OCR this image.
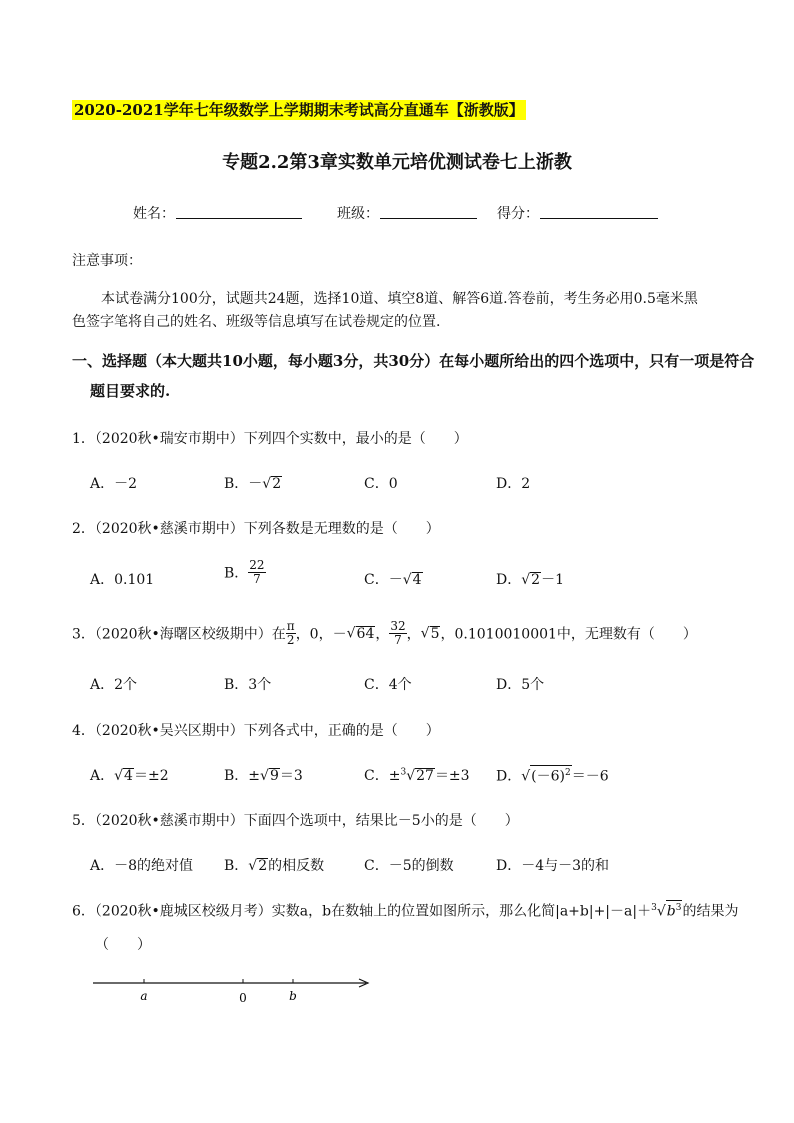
2020-2021学年七年级数学上学期期末考试高分直通车【浙教版】
专题2.2第3章实数单元培优测试卷七上浙教
姓名：	班级：	得分：
注意事项：
本试卷满分100分，试题共24题，选择10道、填空8道、解答6道.答卷前，考生务必用0.5毫米黑
色签字笔将自己的姓名、班级等信息填写在试卷规定的位置.
一、选择题（本大题共10小题，每小题3分，共30分）在每小题所给出的四个选项中，只有一项是符合
题目要求的.
1．（2020秋•瑞安市期中）下列四个实数中，最小的是（　　）
A．－2	B．－√2	C．0	D．2
2．（2020秋•慈溪市期中）下列各数是无理数的是（　　）
A．0.101	B． $\frac{22}{7}$	C．－√4	D．√2－1
3．（2020秋•海曙区校级期中）在 $\frac{\pi}{2}$ ，0，－√64， $\frac{32}{7}$ ，√5，0.1010010001中，无理数有（　　）
A．2个	B．3个	C．4个	D．5个
4．（2020秋•吴兴区期中）下列各式中，正确的是（　　）
A．√4＝±2	B．±√9＝3	C．±$^3$√27＝±3 D．$√(-6)^2=-6$
5．（2020秋•慈溪市期中）下面四个选项中，结果比－5小的是（　　）
A．－8的绝对值 B．√2的相反数	C．－5的倒数	D．－4与－3的和
6．（2020秋•鹿城区校级月考）实数a，b在数轴上的位置如图所示，那么化简$|a+b|+|-a|+^3√b^3$的结果为
（　　）
a	0	b
